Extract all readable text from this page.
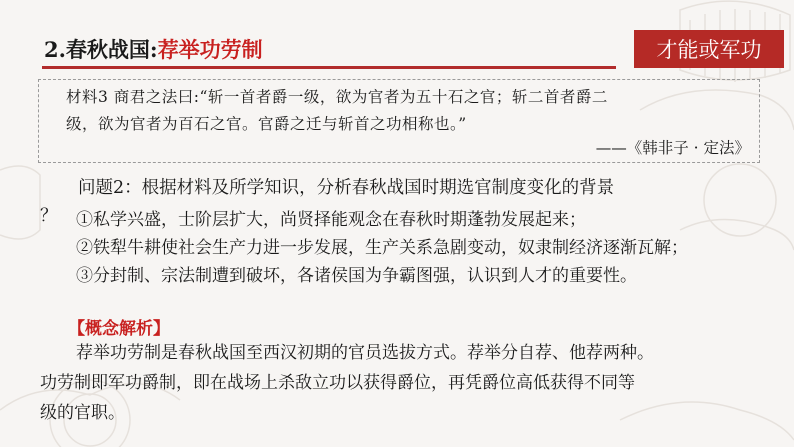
2.春秋战国: 荐举功劳制	才能或军功
材料3 商君之法曰:“斩一首者爵一级，欲为官者为五十石之官；斩二首者爵二
级，欲为官者为百石之官。官爵之迁与斩首之功相称也。”
——《韩非子 · 定法》
问题2：根据材料及所学知识，分析春秋战国时期选官制度变化的背景
？	①私学兴盛，士阶层扩大，尚贤择能观念在春秋时期蓬勃发展起来；
②铁犁牛耕使社会生产力进一步发展，生产关系急剧变动，奴隶制经济逐渐瓦解；
③分封制、宗法制遭到破坏，各诸侯国为争霸图强，认识到人才的重要性。
【概念解析】
荐举功劳制是春秋战国至西汉初期的官员选拔方式。荐举分自荐、他荐两种。
功劳制即军功爵制，即在战场上杀敌立功以获得爵位，再凭爵位高低获得不同等
级的官职。
